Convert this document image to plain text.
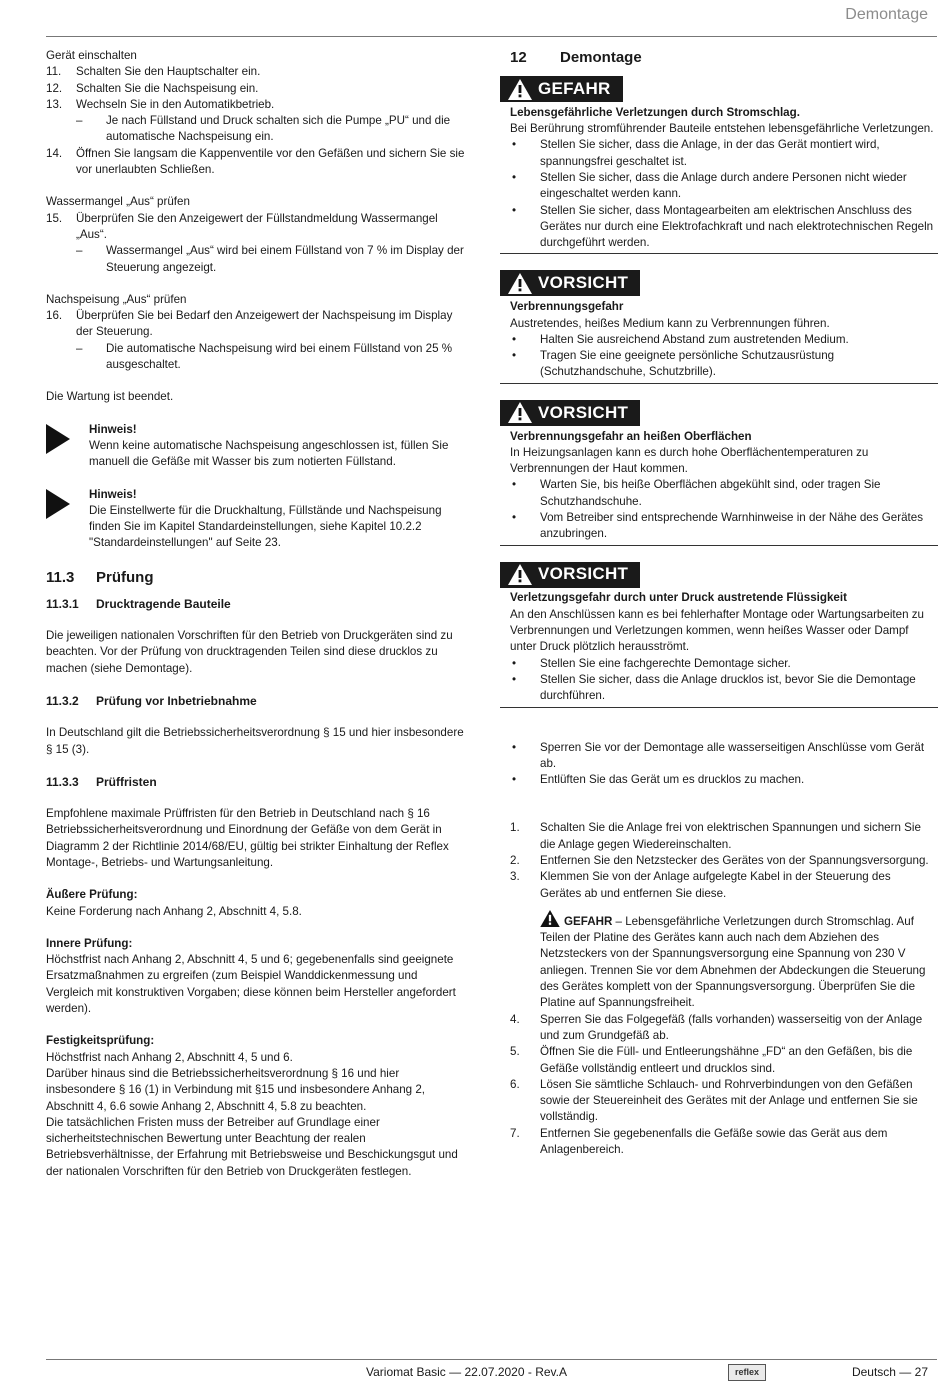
Demontage

Gerät einschalten

11.	Schalten Sie den Hauptschalter ein.
12.	Schalten Sie die Nachspeisung ein.
13.	Wechseln Sie in den Automatikbetrieb.
–	Je nach Füllstand und Druck schalten sich die Pumpe „PU“ und die automatische Nachspeisung ein.
14.	Öffnen Sie langsam die Kappenventile vor den Gefäßen und sichern Sie sie vor unerlaubten Schließen.

Wassermangel „Aus“ prüfen

15.	Überprüfen Sie den Anzeigewert der Füllstandmeldung Wassermangel „Aus“.
–	Wassermangel „Aus“ wird bei einem Füllstand von 7 % im Display der Steuerung angezeigt.

Nachspeisung „Aus“ prüfen

16.	Überprüfen Sie bei Bedarf den Anzeigewert der Nachspeisung im Display der Steuerung.
–	Die automatische Nachspeisung wird bei einem Füllstand von 25 % ausgeschaltet.

Die Wartung ist beendet.

Hinweis!

Wenn keine automatische Nachspeisung angeschlossen ist, füllen Sie manuell die Gefäße mit Wasser bis zum notierten Füllstand.

Hinweis!

Die Einstellwerte für die Druckhaltung, Füllstände und Nachspeisung finden Sie im Kapitel Standardeinstellungen, siehe Kapitel 10.2.2 "Standardeinstellungen" auf Seite 23.

11.3	Prüfung
11.3.1	Drucktragende Bauteile

Die jeweiligen nationalen Vorschriften für den Betrieb von Druckgeräten sind zu beachten. Vor der Prüfung von drucktragenden Teilen sind diese drucklos zu machen (siehe Demontage).

11.3.2	Prüfung vor Inbetriebnahme

In Deutschland gilt die Betriebssicherheitsverordnung § 15 und hier insbesondere § 15 (3).

11.3.3	Prüffristen

Empfohlene maximale Prüffristen für den Betrieb in Deutschland nach § 16 Betriebssicherheitsverordnung und Einordnung der Gefäße von dem Gerät in Diagramm 2 der Richtlinie 2014/68/EU, gültig bei strikter Einhaltung der Reflex Montage-, Betriebs- und Wartungsanleitung.

Äußere Prüfung:

Keine Forderung nach Anhang 2, Abschnitt 4, 5.8.

Innere Prüfung:

Höchstfrist nach Anhang 2, Abschnitt 4, 5 und 6; gegebenenfalls sind geeignete Ersatzmaßnahmen zu ergreifen (zum Beispiel Wanddickenmessung und Vergleich mit konstruktiven Vorgaben; diese können beim Hersteller angefordert werden).

Festigkeitsprüfung:

Höchstfrist nach Anhang 2, Abschnitt 4, 5 und 6.

Darüber hinaus sind die Betriebssicherheitsverordnung § 16 und hier insbesondere § 16 (1) in Verbindung mit §15 und insbesondere Anhang 2, Abschnitt 4, 6.6 sowie Anhang 2, Abschnitt 4, 5.8 zu beachten.

Die tatsächlichen Fristen muss der Betreiber auf Grundlage einer sicherheitstechnischen Bewertung unter Beachtung der realen Betriebsverhältnisse, der Erfahrung mit Betriebsweise und Beschickungsgut und der nationalen Vorschriften für den Betrieb von Druckgeräten festlegen.

12	Demontage
GEFAHR

Lebensgefährliche Verletzungen durch Stromschlag.

Bei Berührung stromführender Bauteile entstehen lebensgefährliche Verletzungen.

•	Stellen Sie sicher, dass die Anlage, in der das Gerät montiert wird, spannungsfrei geschaltet ist.
•	Stellen Sie sicher, dass die Anlage durch andere Personen nicht wieder eingeschaltet werden kann.
•	Stellen Sie sicher, dass Montagearbeiten am elektrischen Anschluss des Gerätes nur durch eine Elektrofachkraft und nach elektrotechnischen Regeln durchgeführt werden.
VORSICHT

Verbrennungsgefahr

Austretendes, heißes Medium kann zu Verbrennungen führen.

•	Halten Sie ausreichend Abstand zum austretenden Medium.
•	Tragen Sie eine geeignete persönliche Schutzausrüstung (Schutzhandschuhe, Schutzbrille).
VORSICHT

Verbrennungsgefahr an heißen Oberflächen

In Heizungsanlagen kann es durch hohe Oberflächentemperaturen zu Verbrennungen der Haut kommen.

•	Warten Sie, bis heiße Oberflächen abgekühlt sind, oder tragen Sie Schutzhandschuhe.
•	Vom Betreiber sind entsprechende Warnhinweise in der Nähe des Gerätes anzubringen.
VORSICHT

Verletzungsgefahr durch unter Druck austretende Flüssigkeit

An den Anschlüssen kann es bei fehlerhafter Montage oder Wartungsarbeiten zu Verbrennungen und Verletzungen kommen, wenn heißes Wasser oder Dampf unter Druck plötzlich herausströmt.

•	Stellen Sie eine fachgerechte Demontage sicher.
•	Stellen Sie sicher, dass die Anlage drucklos ist, bevor Sie die Demontage durchführen.
•	Sperren Sie vor der Demontage alle wasserseitigen Anschlüsse vom Gerät ab.
•	Entlüften Sie das Gerät um es drucklos zu machen.
1.	Schalten Sie die Anlage frei von elektrischen Spannungen und sichern Sie die Anlage gegen Wiedereinschalten.
2.	Entfernen Sie den Netzstecker des Gerätes von der Spannungsversorgung.
3.	Klemmen Sie von der Anlage aufgelegte Kabel in der Steuerung des Gerätes ab und entfernen Sie diese.
GEFAHR – Lebensgefährliche Verletzungen durch Stromschlag. Auf Teilen der Platine des Gerätes kann auch nach dem Abziehen des Netzsteckers von der Spannungsversorgung eine Spannung von 230 V anliegen. Trennen Sie vor dem Abnehmen der Abdeckungen die Steuerung des Gerätes komplett von der Spannungsversorgung. Überprüfen Sie die Platine auf Spannungsfreiheit.
4.	Sperren Sie das Folgegefäß (falls vorhanden) wasserseitig von der Anlage und zum Grundgefäß ab.
5.	Öffnen Sie die Füll- und Entleerungshähne „FD“ an den Gefäßen, bis die Gefäße vollständig entleert und drucklos sind.
6.	Lösen Sie sämtliche Schlauch- und Rohrverbindungen von den Gefäßen sowie der Steuereinheit des Gerätes mit der Anlage und entfernen Sie sie vollständig.
7.	Entfernen Sie gegebenenfalls die Gefäße sowie das Gerät aus dem Anlagenbereich.
Variomat Basic — 22.07.2020 - Rev.A	reflex	Deutsch — 27
